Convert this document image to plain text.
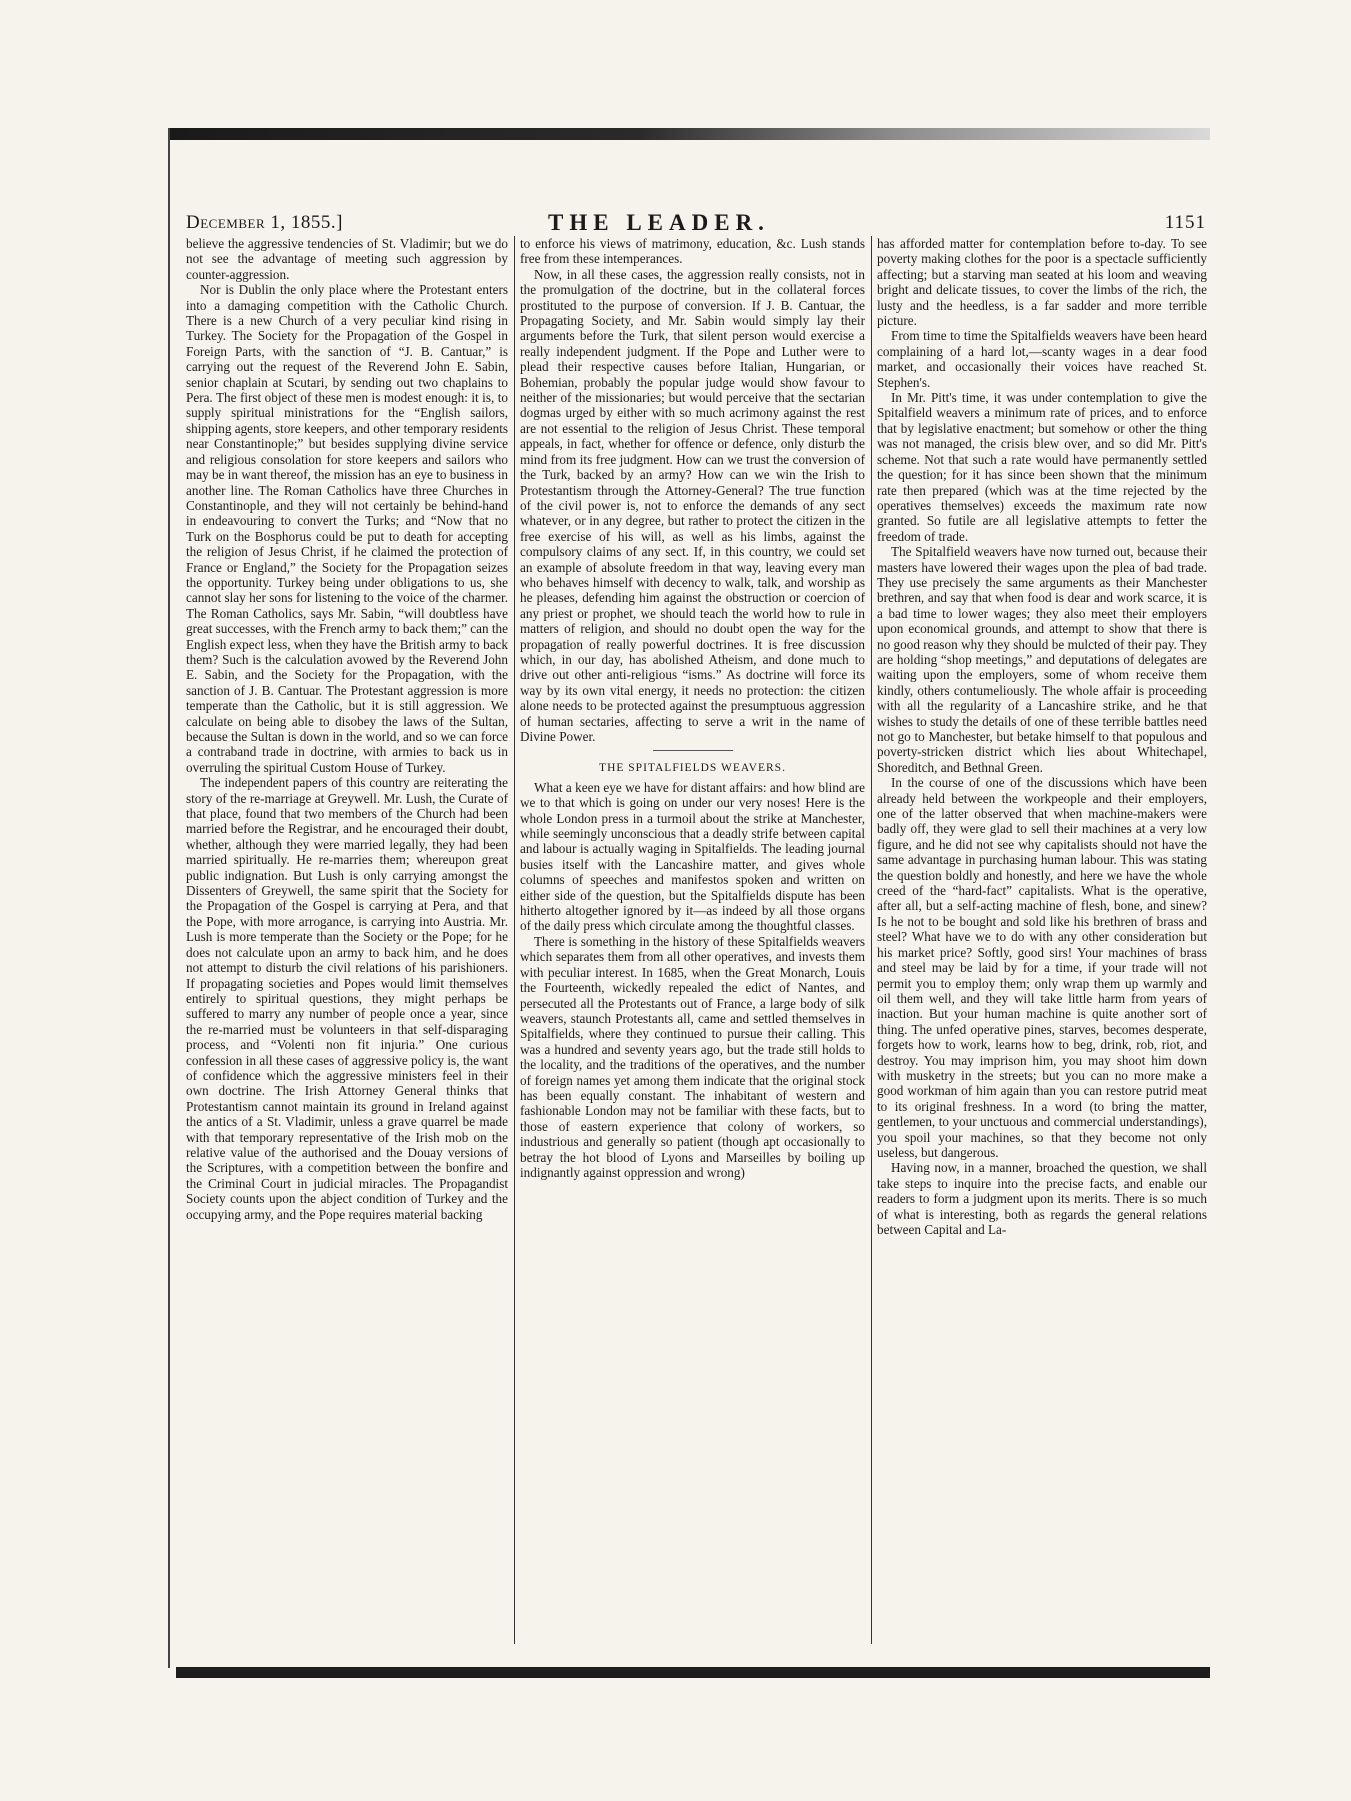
December 1, 1855.]	THE LEADER.	1151

believe the aggressive tendencies of St. Vladimir; but we do not see the advantage of meeting such aggression by counter-aggression.

Nor is Dublin the only place where the Protestant enters into a damaging competition with the Catholic Church. There is a new Church of a very peculiar kind rising in Turkey. The Society for the Propagation of the Gospel in Foreign Parts, with the sanction of “J. B. Cantuar,” is carrying out the request of the Reverend John E. Sabin, senior chaplain at Scutari, by sending out two chaplains to Pera. The first object of these men is modest enough: it is, to supply spiritual ministrations for the “English sailors, shipping agents, store keepers, and other temporary residents near Constantinople;” but besides supplying divine service and religious consolation for store keepers and sailors who may be in want thereof, the mission has an eye to business in another line. The Roman Catholics have three Churches in Constantinople, and they will not certainly be behind-hand in endeavouring to convert the Turks; and “Now that no Turk on the Bosphorus could be put to death for accepting the religion of Jesus Christ, if he claimed the protection of France or England,” the Society for the Propagation seizes the opportunity. Turkey being under obligations to us, she cannot slay her sons for listening to the voice of the charmer. The Roman Catholics, says Mr. Sabin, “will doubtless have great successes, with the French army to back them;” can the English expect less, when they have the British army to back them? Such is the calculation avowed by the Reverend John E. Sabin, and the Society for the Propagation, with the sanction of J. B. Cantuar. The Protestant aggression is more temperate than the Catholic, but it is still aggression. We calculate on being able to disobey the laws of the Sultan, because the Sultan is down in the world, and so we can force a contraband trade in doctrine, with armies to back us in overruling the spiritual Custom House of Turkey.

The independent papers of this country are reiterating the story of the re-marriage at Greywell. Mr. Lush, the Curate of that place, found that two members of the Church had been married before the Registrar, and he encouraged their doubt, whether, although they were married legally, they had been married spiritually. He re-marries them; whereupon great public indignation. But Lush is only carrying amongst the Dissenters of Greywell, the same spirit that the Society for the Propagation of the Gospel is carrying at Pera, and that the Pope, with more arrogance, is carrying into Austria. Mr. Lush is more temperate than the Society or the Pope; for he does not calculate upon an army to back him, and he does not attempt to disturb the civil relations of his parishioners. If propagating societies and Popes would limit themselves entirely to spiritual questions, they might perhaps be suffered to marry any number of people once a year, since the re-married must be volunteers in that self-disparaging process, and “Volenti non fit injuria.” One curious confession in all these cases of aggressive policy is, the want of confidence which the aggressive ministers feel in their own doctrine. The Irish Attorney General thinks that Protestantism cannot maintain its ground in Ireland against the antics of a St. Vladimir, unless a grave quarrel be made with that temporary representative of the Irish mob on the relative value of the authorised and the Douay versions of the Scriptures, with a competition between the bonfire and the Criminal Court in judicial miracles. The Propagandist Society counts upon the abject condition of Turkey and the occupying army, and the Pope requires material backing

to enforce his views of matrimony, education, &c. Lush stands free from these intemperances.

Now, in all these cases, the aggression really consists, not in the promulgation of the doctrine, but in the collateral forces prostituted to the purpose of conversion. If J. B. Cantuar, the Propagating Society, and Mr. Sabin would simply lay their arguments before the Turk, that silent person would exercise a really independent judgment. If the Pope and Luther were to plead their respective causes before Italian, Hungarian, or Bohemian, probably the popular judge would show favour to neither of the missionaries; but would perceive that the sectarian dogmas urged by either with so much acrimony against the rest are not essential to the religion of Jesus Christ. These temporal appeals, in fact, whether for offence or defence, only disturb the mind from its free judgment. How can we trust the conversion of the Turk, backed by an army? How can we win the Irish to Protestantism through the Attorney-General? The true function of the civil power is, not to enforce the demands of any sect whatever, or in any degree, but rather to protect the citizen in the free exercise of his will, as well as his limbs, against the compulsory claims of any sect. If, in this country, we could set an example of absolute freedom in that way, leaving every man who behaves himself with decency to walk, talk, and worship as he pleases, defending him against the obstruction or coercion of any priest or prophet, we should teach the world how to rule in matters of religion, and should no doubt open the way for the propagation of really powerful doctrines. It is free discussion which, in our day, has abolished Atheism, and done much to drive out other anti-religious “isms.” As doctrine will force its way by its own vital energy, it needs no protection: the citizen alone needs to be protected against the presumptuous aggression of human sectaries, affecting to serve a writ in the name of Divine Power.

THE SPITALFIELDS WEAVERS.

What a keen eye we have for distant affairs: and how blind are we to that which is going on under our very noses! Here is the whole London press in a turmoil about the strike at Manchester, while seemingly unconscious that a deadly strife between capital and labour is actually waging in Spitalfields. The leading journal busies itself with the Lancashire matter, and gives whole columns of speeches and manifestos spoken and written on either side of the question, but the Spitalfields dispute has been hitherto altogether ignored by it—as indeed by all those organs of the daily press which circulate among the thoughtful classes.

There is something in the history of these Spitalfields weavers which separates them from all other operatives, and invests them with peculiar interest. In 1685, when the Great Monarch, Louis the Fourteenth, wickedly repealed the edict of Nantes, and persecuted all the Protestants out of France, a large body of silk weavers, staunch Protestants all, came and settled themselves in Spitalfields, where they continued to pursue their calling. This was a hundred and seventy years ago, but the trade still holds to the locality, and the traditions of the operatives, and the number of foreign names yet among them indicate that the original stock has been equally constant. The inhabitant of western and fashionable London may not be familiar with these facts, but to those of eastern experience that colony of workers, so industrious and generally so patient (though apt occasionally to betray the hot blood of Lyons and Marseilles by boiling up indignantly against oppression and wrong)

has afforded matter for contemplation before to-day. To see poverty making clothes for the poor is a spectacle sufficiently affecting; but a starving man seated at his loom and weaving bright and delicate tissues, to cover the limbs of the rich, the lusty and the heedless, is a far sadder and more terrible picture.

From time to time the Spitalfields weavers have been heard complaining of a hard lot,—scanty wages in a dear food market, and occasionally their voices have reached St. Stephen's.

In Mr. Pitt's time, it was under contemplation to give the Spitalfield weavers a minimum rate of prices, and to enforce that by legislative enactment; but somehow or other the thing was not managed, the crisis blew over, and so did Mr. Pitt's scheme. Not that such a rate would have permanently settled the question; for it has since been shown that the minimum rate then prepared (which was at the time rejected by the operatives themselves) exceeds the maximum rate now granted. So futile are all legislative attempts to fetter the freedom of trade.

The Spitalfield weavers have now turned out, because their masters have lowered their wages upon the plea of bad trade. They use precisely the same arguments as their Manchester brethren, and say that when food is dear and work scarce, it is a bad time to lower wages; they also meet their employers upon economical grounds, and attempt to show that there is no good reason why they should be mulcted of their pay. They are holding “shop meetings,” and deputations of delegates are waiting upon the employers, some of whom receive them kindly, others contumeliously. The whole affair is proceeding with all the regularity of a Lancashire strike, and he that wishes to study the details of one of these terrible battles need not go to Manchester, but betake himself to that populous and poverty-stricken district which lies about Whitechapel, Shoreditch, and Bethnal Green.

In the course of one of the discussions which have been already held between the workpeople and their employers, one of the latter observed that when machine-makers were badly off, they were glad to sell their machines at a very low figure, and he did not see why capitalists should not have the same advantage in purchasing human labour. This was stating the question boldly and honestly, and here we have the whole creed of the “hard-fact” capitalists. What is the operative, after all, but a self-acting machine of flesh, bone, and sinew? Is he not to be bought and sold like his brethren of brass and steel? What have we to do with any other consideration but his market price? Softly, good sirs! Your machines of brass and steel may be laid by for a time, if your trade will not permit you to employ them; only wrap them up warmly and oil them well, and they will take little harm from years of inaction. But your human machine is quite another sort of thing. The unfed operative pines, starves, becomes desperate, forgets how to work, learns how to beg, drink, rob, riot, and destroy. You may imprison him, you may shoot him down with musketry in the streets; but you can no more make a good workman of him again than you can restore putrid meat to its original freshness. In a word (to bring the matter, gentlemen, to your unctuous and commercial understandings), you spoil your machines, so that they become not only useless, but dangerous.

Having now, in a manner, broached the question, we shall take steps to inquire into the precise facts, and enable our readers to form a judgment upon its merits. There is so much of what is interesting, both as regards the general relations between Capital and La-
